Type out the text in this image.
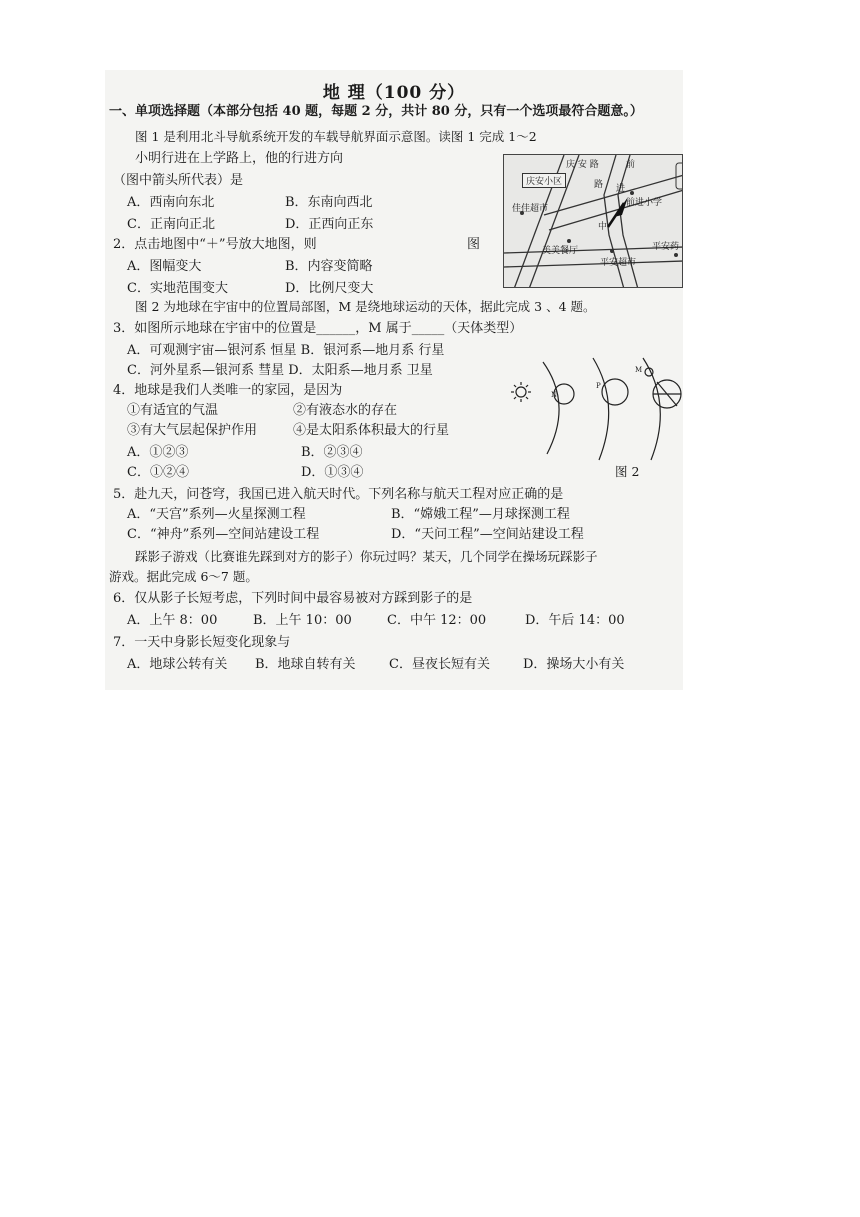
地 理（100 分）
一、单项选择题（本部分包括 40 题，每题 2 分，共计 80 分，只有一个选项最符合题意。）
图 1 是利用北斗导航系统开发的车载导航界面示意图。读图 1 完成 1～2
小明行进在上学路上，他的行进方向
（图中箭头所代表）是
A．西南向东北	B．东南向西北
C．正南向正北	D．正西向正东
2．点击地图中“＋”号放大地图，则	图
A．图幅变大	B．内容变简略
C．实地范围变大	D．比例尺变大
庆安小区
佳佳超市
前进小学
美美餐厅
平安超市
平安药
庆 安 路
路 进
前
中
图 2 为地球在宇宙中的位置局部图，M 是绕地球运动的天体，据此完成 3 、4 题。
3．如图所示地球在宇宙中的位置是______，M 属于_____（天体类型）
A．可观测宇宙—银河系 恒星 B．银河系—地月系 行星
C．河外星系—银河系 彗星 D．太阳系—地月系 卫星
4．地球是我们人类唯一的家园，是因为
①有适宜的气温	②有液态水的存在
③有大气层起保护作用	④是太阳系体积最大的行星
A．①②③	B．②③④
C．①②④	D．①③④
N
P
M
图 2
5．赴九天，问苍穹，我国已进入航天时代。下列名称与航天工程对应正确的是
A．“天宫”系列—火星探测工程	B．“嫦娥工程”—月球探测工程
C．“神舟”系列—空间站建设工程	D．“天问工程”—空间站建设工程
踩影子游戏（比赛谁先踩到对方的影子）你玩过吗？某天，几个同学在操场玩踩影子
游戏。据此完成 6～7 题。
6．仅从影子长短考虑，下列时间中最容易被对方踩到影子的是
A．上午 8：00	B．上午 10：00	C．中午 12：00	D．午后 14：00
7．一天中身影长短变化现象与
A．地球公转有关 B．地球自转有关	C．昼夜长短有关	D．操场大小有关
